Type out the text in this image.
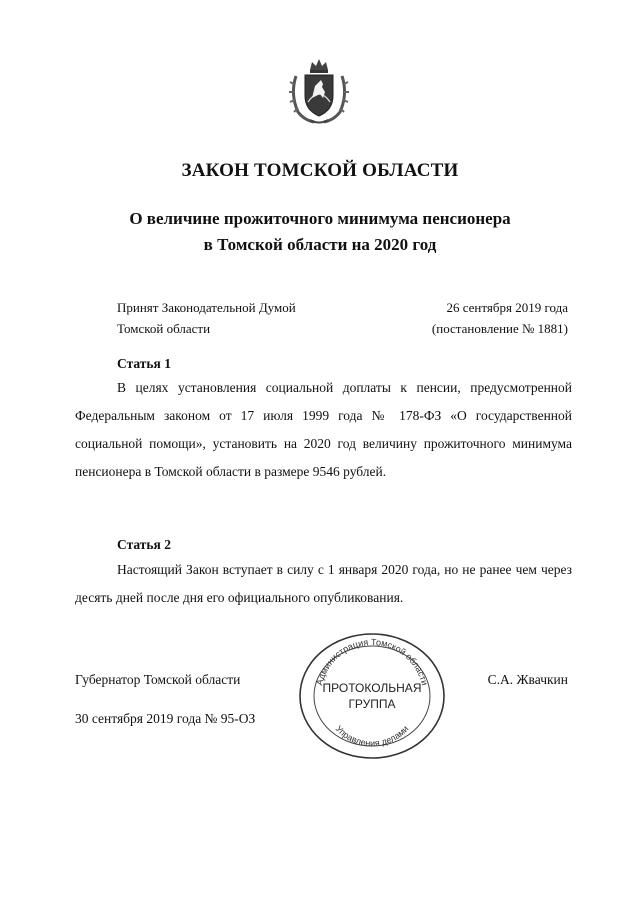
ЗАКОН ТОМСКОЙ ОБЛАСТИ
О величине прожиточного минимума пенсионера
в Томской области на 2020 год
Принят Законодательной Думой
Томской области
26 сентября 2019 года
(постановление № 1881)
Статья 1

В целях установления социальной доплаты к пенсии, предусмотренной Федеральным законом от 17 июля 1999 года № 178-ФЗ «О государственной социальной помощи», установить на 2020 год величину прожиточного минимума пенсионера в Томской области в размере 9546 рублей.

Статья 2

Настоящий Закон вступает в силу с 1 января 2020 года, но не ранее чем через десять дней после дня его официального опубликования.

Губернатор Томской области	С.А. Жвачкин
30 сентября 2019 года № 95-ОЗ
Администрация Томской области
Управления делами
ПРОТОКОЛЬНАЯ
ГРУППА
